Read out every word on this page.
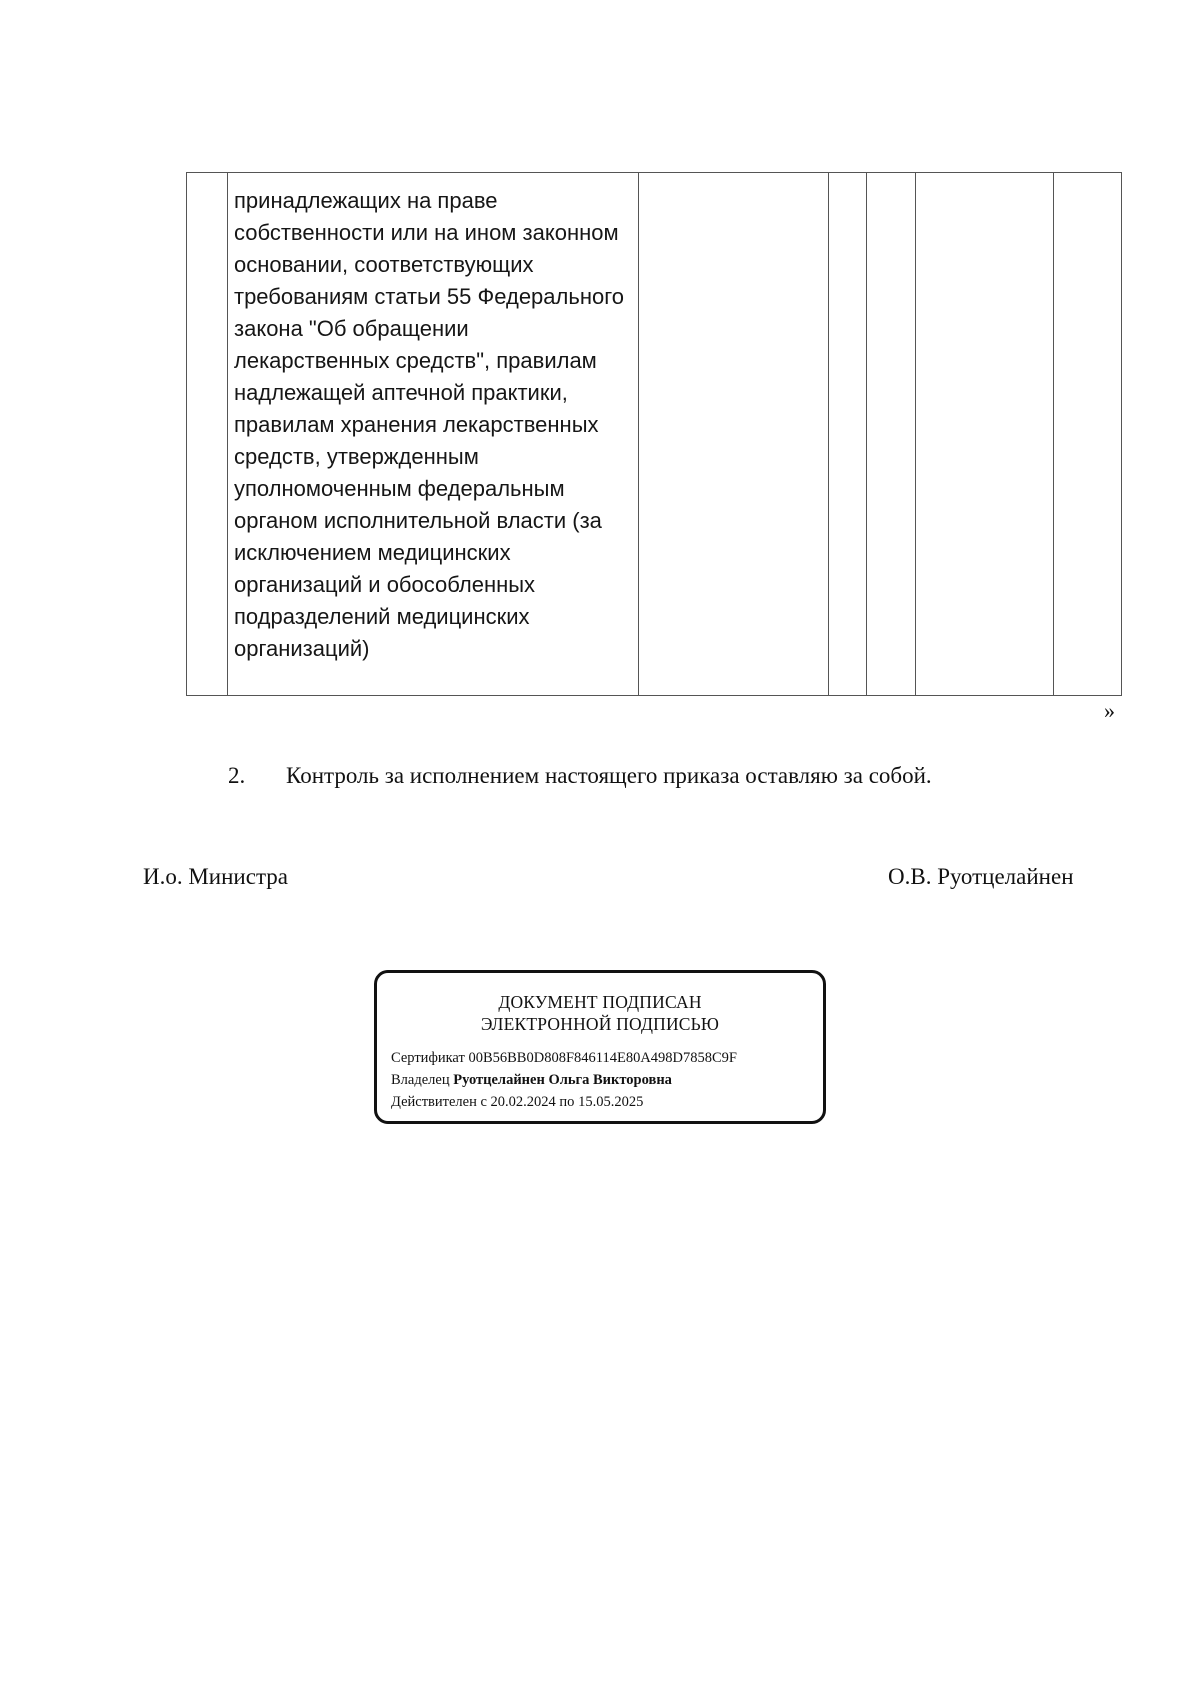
	принадлежащих на праве
собственности или на ином законном
основании, соответствующих
требованиям статьи 55 Федерального
закона "Об обращении
лекарственных средств", правилам
надлежащей аптечной практики,
правилам хранения лекарственных
средств, утвержденным
уполномоченным федеральным
органом исполнительной власти (за
исключением медицинских
организаций и обособленных
подразделений медицинских
организаций)					
»
2. Контроль за исполнением настоящего приказа оставляю за собой.
И.о. Министра	О.В. Руотцелайнен
ДОКУМЕНТ ПОДПИСАН
ЭЛЕКТРОННОЙ ПОДПИСЬЮ
Сертификат 00B56BB0D808F846114E80A498D7858C9F
Владелец Руотцелайнен Ольга Викторовна
Действителен с 20.02.2024 по 15.05.2025
